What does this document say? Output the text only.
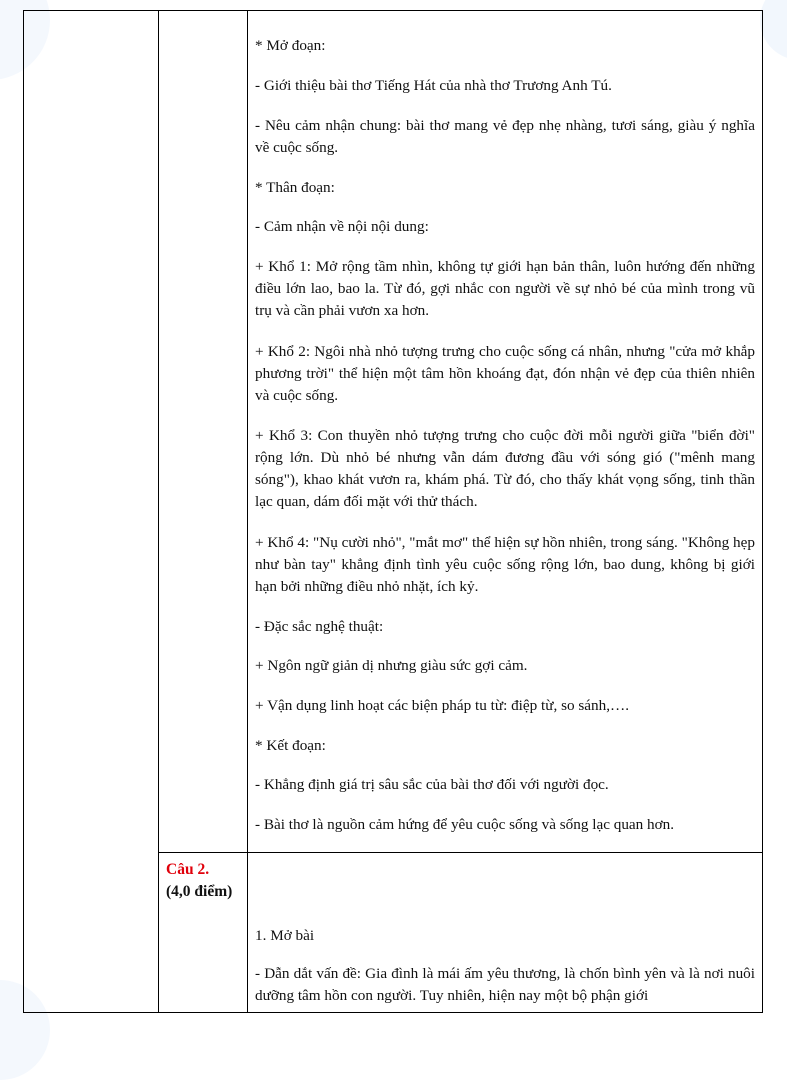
* Mở đoạn:

- Giới thiệu bài thơ Tiếng Hát của nhà thơ Trương Anh Tú.

- Nêu cảm nhận chung: bài thơ mang vẻ đẹp nhẹ nhàng, tươi sáng, giàu ý nghĩa về cuộc sống.

* Thân đoạn:

- Cảm nhận về nội nội dung:

+ Khổ 1: Mở rộng tầm nhìn, không tự giới hạn bản thân, luôn hướng đến những điều lớn lao, bao la. Từ đó, gợi nhắc con người về sự nhỏ bé của mình trong vũ trụ và cần phải vươn xa hơn.

+ Khổ 2: Ngôi nhà nhỏ tượng trưng cho cuộc sống cá nhân, nhưng "cửa mở khắp phương trời" thể hiện một tâm hồn khoáng đạt, đón nhận vẻ đẹp của thiên nhiên và cuộc sống.

+ Khổ 3: Con thuyền nhỏ tượng trưng cho cuộc đời mỗi người giữa "biển đời" rộng lớn. Dù nhỏ bé nhưng vẫn dám đương đầu với sóng gió ("mênh mang sóng"), khao khát vươn ra, khám phá. Từ đó, cho thấy khát vọng sống, tinh thần lạc quan, dám đối mặt với thử thách.

+ Khổ 4: "Nụ cười nhỏ", "mắt mơ" thể hiện sự hồn nhiên, trong sáng. "Không hẹp như bàn tay" khẳng định tình yêu cuộc sống rộng lớn, bao dung, không bị giới hạn bởi những điều nhỏ nhặt, ích kỷ.

- Đặc sắc nghệ thuật:

+ Ngôn ngữ giản dị nhưng giàu sức gợi cảm.

+ Vận dụng linh hoạt các biện pháp tu từ: điệp từ, so sánh,….

* Kết đoạn:

- Khẳng định giá trị sâu sắc của bài thơ đối với người đọc.

- Bài thơ là nguồn cảm hứng để yêu cuộc sống và sống lạc quan hơn.

Câu 2.
(4,0 điểm)

1. Mở bài

- Dẫn dắt vấn đề: Gia đình là mái ấm yêu thương, là chốn bình yên và là nơi nuôi dưỡng tâm hồn con người. Tuy nhiên, hiện nay một bộ phận giới
